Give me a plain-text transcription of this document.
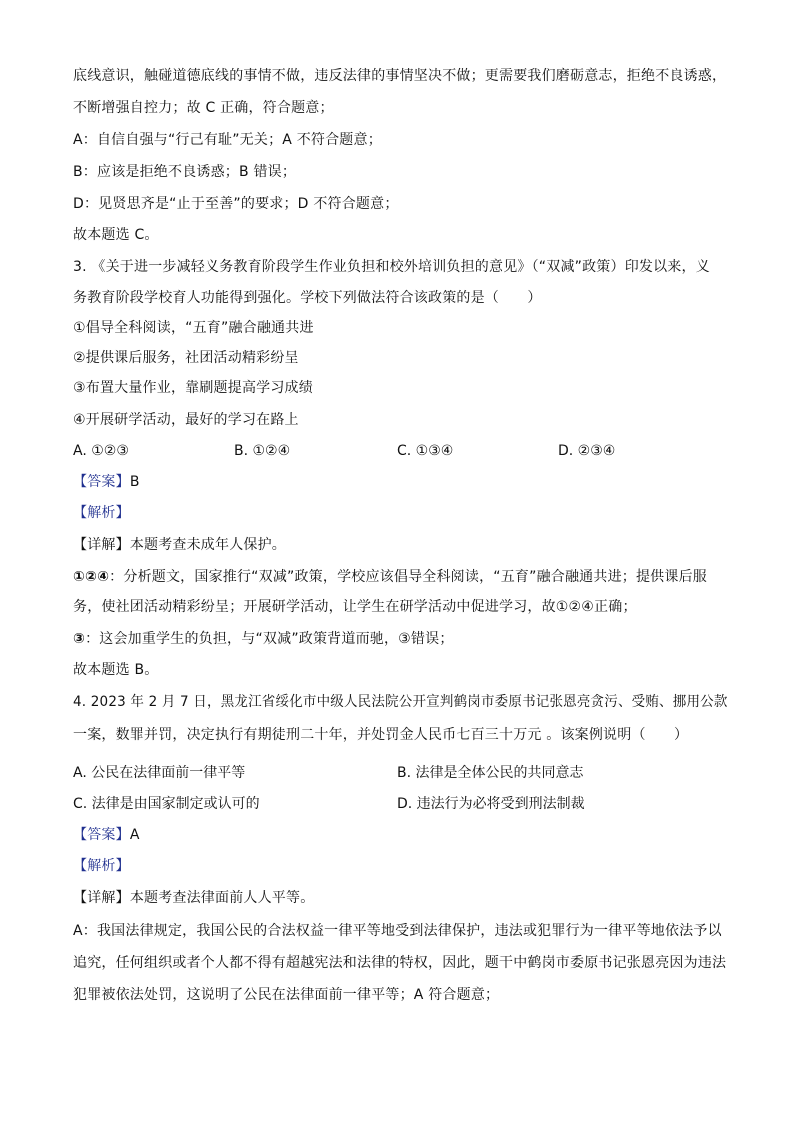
底线意识，触碰道德底线的事情不做，违反法律的事情坚决不做；更需要我们磨砺意志，拒绝不良诱惑，
不断增强自控力；故 C 正确，符合题意；
A：自信自强与“行己有耻”无关；A 不符合题意；
B：应该是拒绝不良诱惑；B 错误；
D：见贤思齐是“止于至善”的要求；D 不符合题意；
故本题选 C。
3. 《关于进一步减轻义务教育阶段学生作业负担和校外培训负担的意见》（“双减”政策）印发以来，义
务教育阶段学校育人功能得到强化。学校下列做法符合该政策的是（　　）
①倡导全科阅读，“五育”融合融通共进
②提供课后服务，社团活动精彩纷呈
③布置大量作业，靠刷题提高学习成绩
④开展研学活动，最好的学习在路上
A. ①②③	B. ①②④	C. ①③④	D. ②③④
【答案】B
【解析】
【详解】本题考查未成年人保护。
①②④：分析题文，国家推行“双减”政策，学校应该倡导全科阅读，“五育”融合融通共进；提供课后服
务，使社团活动精彩纷呈；开展研学活动，让学生在研学活动中促进学习，故①②④正确；
③：这会加重学生的负担，与“双减”政策背道而驰，③错误；
故本题选 B。
4. 2023 年 2 月 7 日，黑龙江省绥化市中级人民法院公开宣判鹤岗市委原书记张恩亮贪污、受贿、挪用公款
一案，数罪并罚，决定执行有期徒刑二十年，并处罚金人民币七百三十万元 。该案例说明（　　）
A. 公民在法律面前一律平等	B. 法律是全体公民的共同意志
C. 法律是由国家制定或认可的	D. 违法行为必将受到刑法制裁
【答案】A
【解析】
【详解】本题考查法律面前人人平等。
A：我国法律规定，我国公民的合法权益一律平等地受到法律保护，违法或犯罪行为一律平等地依法予以
追究，任何组织或者个人都不得有超越宪法和法律的特权，因此，题干中鹤岗市委原书记张恩亮因为违法
犯罪被依法处罚，这说明了公民在法律面前一律平等；A 符合题意；
